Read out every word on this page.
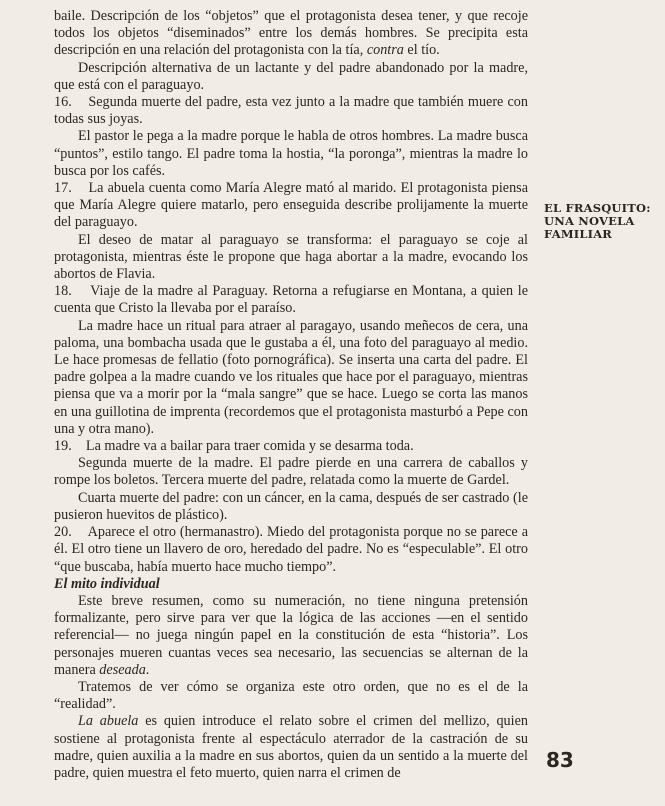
baile. Descripción de los “objetos” que el protagonista desea tener, y que recoje todos los objetos “diseminados” entre los demás hombres. Se precipita esta descripción en una relación del protagonista con la tía, contra el tío.

Descripción alternativa de un lactante y del padre abandonado por la madre, que está con el paraguayo.

16.    Segunda muerte del padre, esta vez junto a la madre que también muere con todas sus joyas.

El pastor le pega a la madre porque le habla de otros hombres. La madre busca “puntos”, estilo tango. El padre toma la hostia, “la poronga”, mientras la madre lo busca por los cafés.

17.    La abuela cuenta como María Alegre mató al marido. El protagonista piensa que María Alegre quiere matarlo, pero enseguida describe prolijamente la muerte del paraguayo.

El deseo de matar al paraguayo se transforma: el paraguayo se coje al protagonista, mientras éste le propone que haga abortar a la madre, evocando los abortos de Flavia.

18.    Viaje de la madre al Paraguay. Retorna a refugiarse en Montana, a quien le cuenta que Cristo la llevaba por el paraíso.

La madre hace un ritual para atraer al paragayo, usando meñecos de cera, una paloma, una bombacha usada que le gustaba a él, una foto del paraguayo al medio. Le hace promesas de fellatio (foto pornográfica). Se inserta una carta del padre. El padre golpea a la madre cuando ve los rituales que hace por el paraguayo, mientras piensa que va a morir por la “mala sangre” que se hace. Luego se corta las manos en una guillotina de imprenta (recordemos que el protagonista masturbó a Pepe con una y otra mano).

19.    La madre va a bailar para traer comida y se desarma toda.

Segunda muerte de la madre. El padre pierde en una carrera de caballos y rompe los boletos. Tercera muerte del padre, relatada como la muerte de Gardel.

Cuarta muerte del padre: con un cáncer, en la cama, después de ser castrado (le pusieron huevitos de plástico).

20.    Aparece el otro (hermanastro). Miedo del protagonista porque no se parece a él. El otro tiene un llavero de oro, heredado del padre. No es “especulable”. El otro “que buscaba, había muerto hace mucho tiempo”.

El mito individual

Este breve resumen, como su numeración, no tiene ninguna pretensión formalizante, pero sirve para ver que la lógica de las acciones —en el sentido referencial— no juega ningún papel en la constitución de esta “historia”. Los personajes mueren cuantas veces sea necesario, las secuencias se alternan de la manera deseada.

Tratemos de ver cómo se organiza este otro orden, que no es el de la “realidad”.

La abuela es quien introduce el relato sobre el crimen del mellizo, quien sostiene al protagonista frente al espectáculo aterrador de la castración de su madre, quien auxilia a la madre en sus abortos, quien da un sentido a la muerte del padre, quien muestra el feto muerto, quien narra el crimen de

EL FRASQUITO:
UNA NOVELA
FAMILIAR
83
